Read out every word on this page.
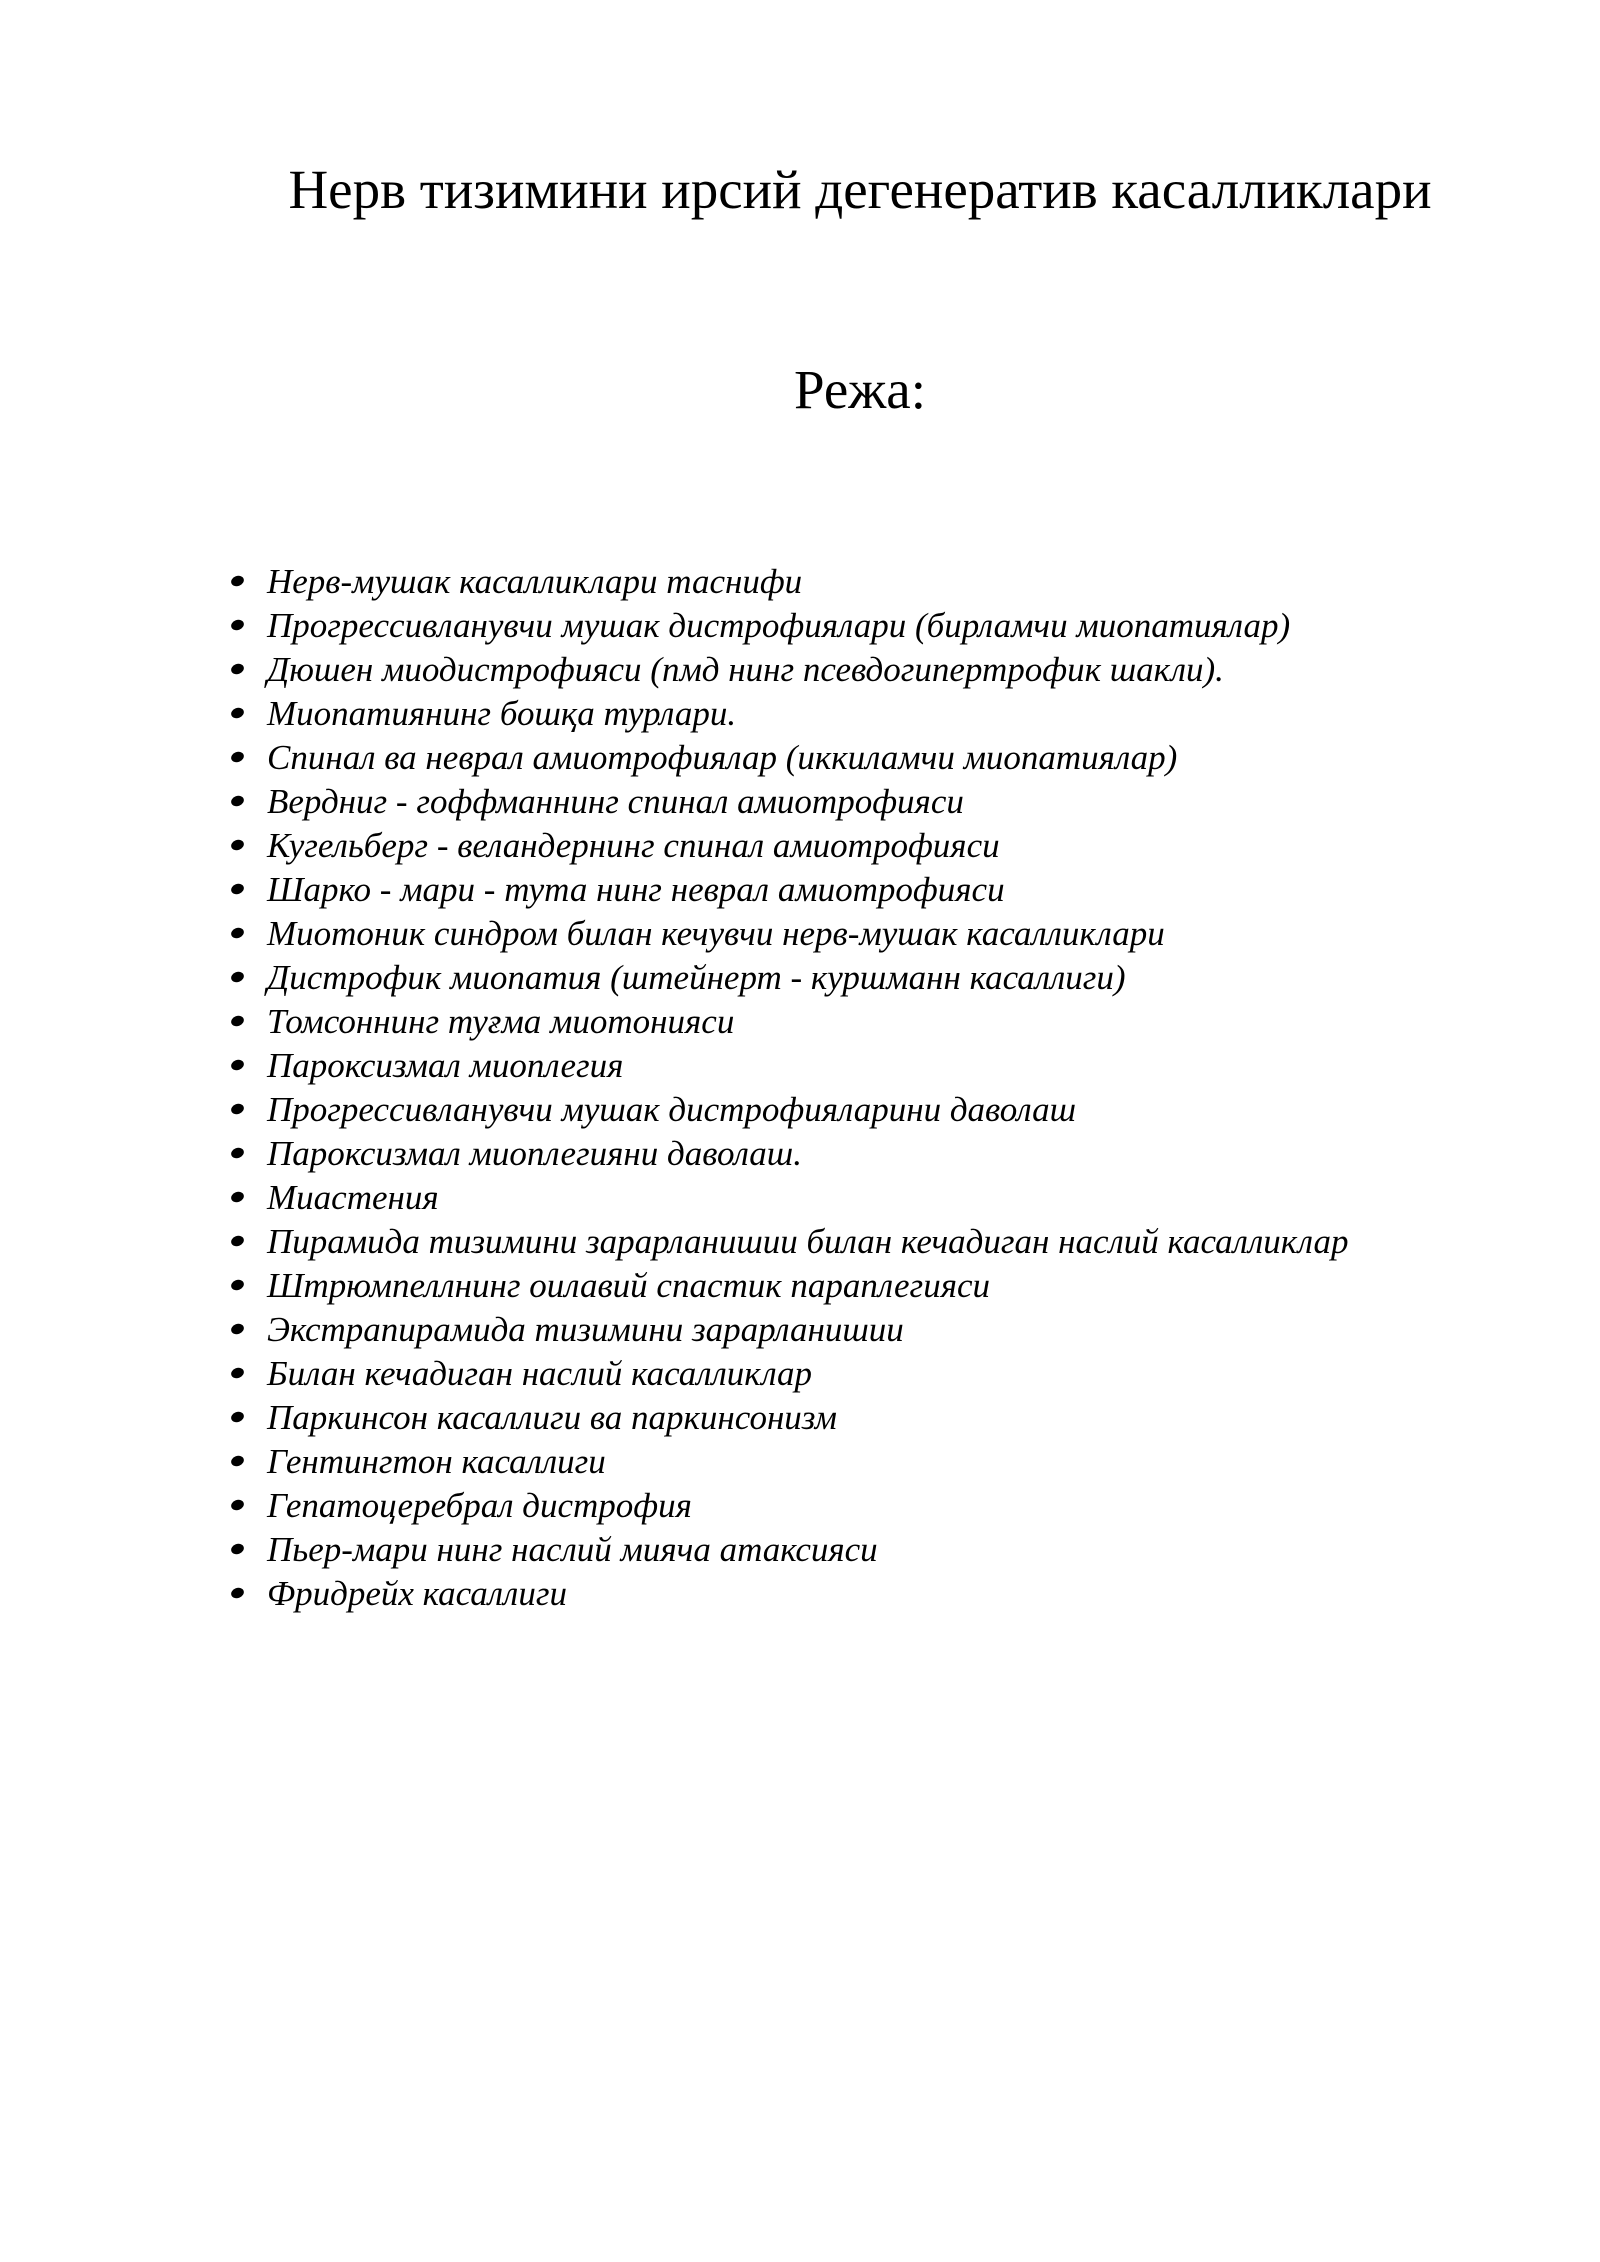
Нерв тизимини ирсий дегенератив касалликлари
Режа:
Нерв-мушак касалликлари таснифи
Прогрессивланувчи мушак дистрофиялари (бирламчи миопатиялар)
Дюшен миодистрофияси (пмд нинг псевдогипертрофик шакли).
Миопатиянинг бошқа турлари.
Спинал ва неврал амиотрофиялар (иккиламчи миопатиялар)
Вердниг - гоффманнинг спинал амиотрофияси
Кугельберг - веландернинг спинал амиотрофияси
Шарко - мари - тута нинг неврал амиотрофияси
Миотоник синдром билан кечувчи нерв-мушак касалликлари
Дистрофик миопатия (штейнерт - куршманн касаллиги)
Томсоннинг туғма миотонияси
Пароксизмал миоплегия
Прогрессивланувчи мушак дистрофияларини даволаш
Пароксизмал миоплегияни даволаш.
Миастения
Пирамида тизимини зарарланишии билан кечадиган наслий касалликлар
Штрюмпеллнинг оилавий спастик параплегияси
Экстрапирамида тизимини зарарланишии
Билан кечадиган наслий касалликлар
Паркинсон касаллиги ва паркинсонизм
Гентингтон касаллиги
Гепатоцеребрал дистрофия
Пьер-мари нинг наслий мияча атаксияси
Фридрейх касаллиги
